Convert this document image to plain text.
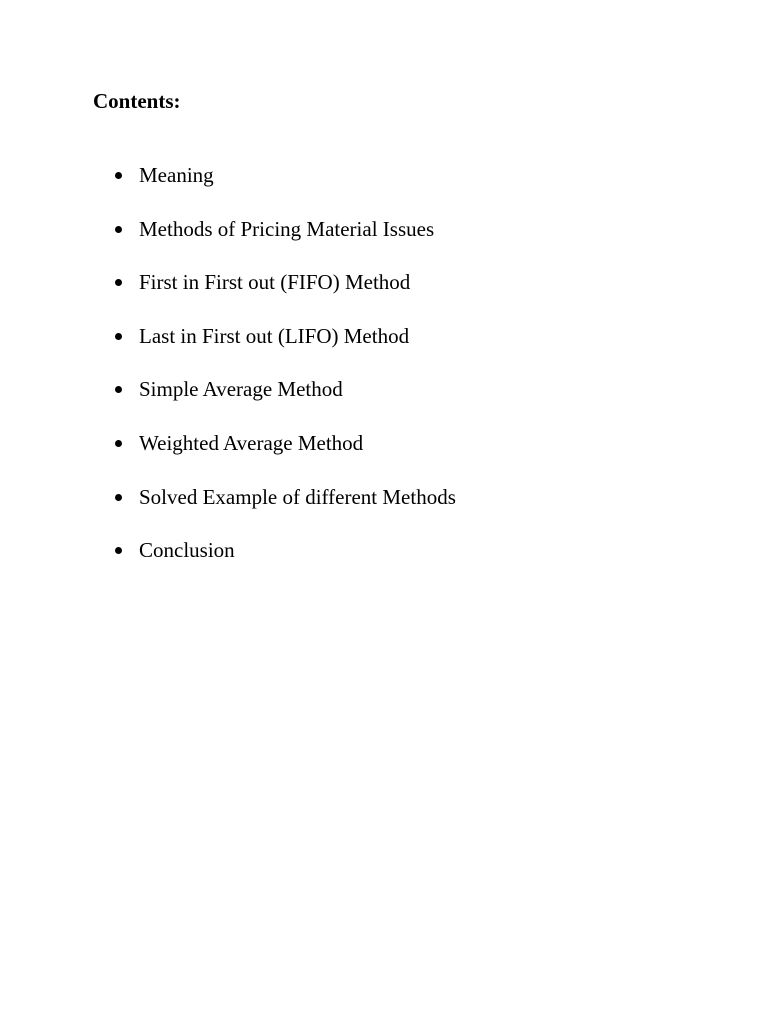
Contents:
Meaning
Methods of Pricing Material Issues
First in First out (FIFO) Method
Last in First out (LIFO) Method
Simple Average Method
Weighted Average Method
Solved Example of different Methods
Conclusion
